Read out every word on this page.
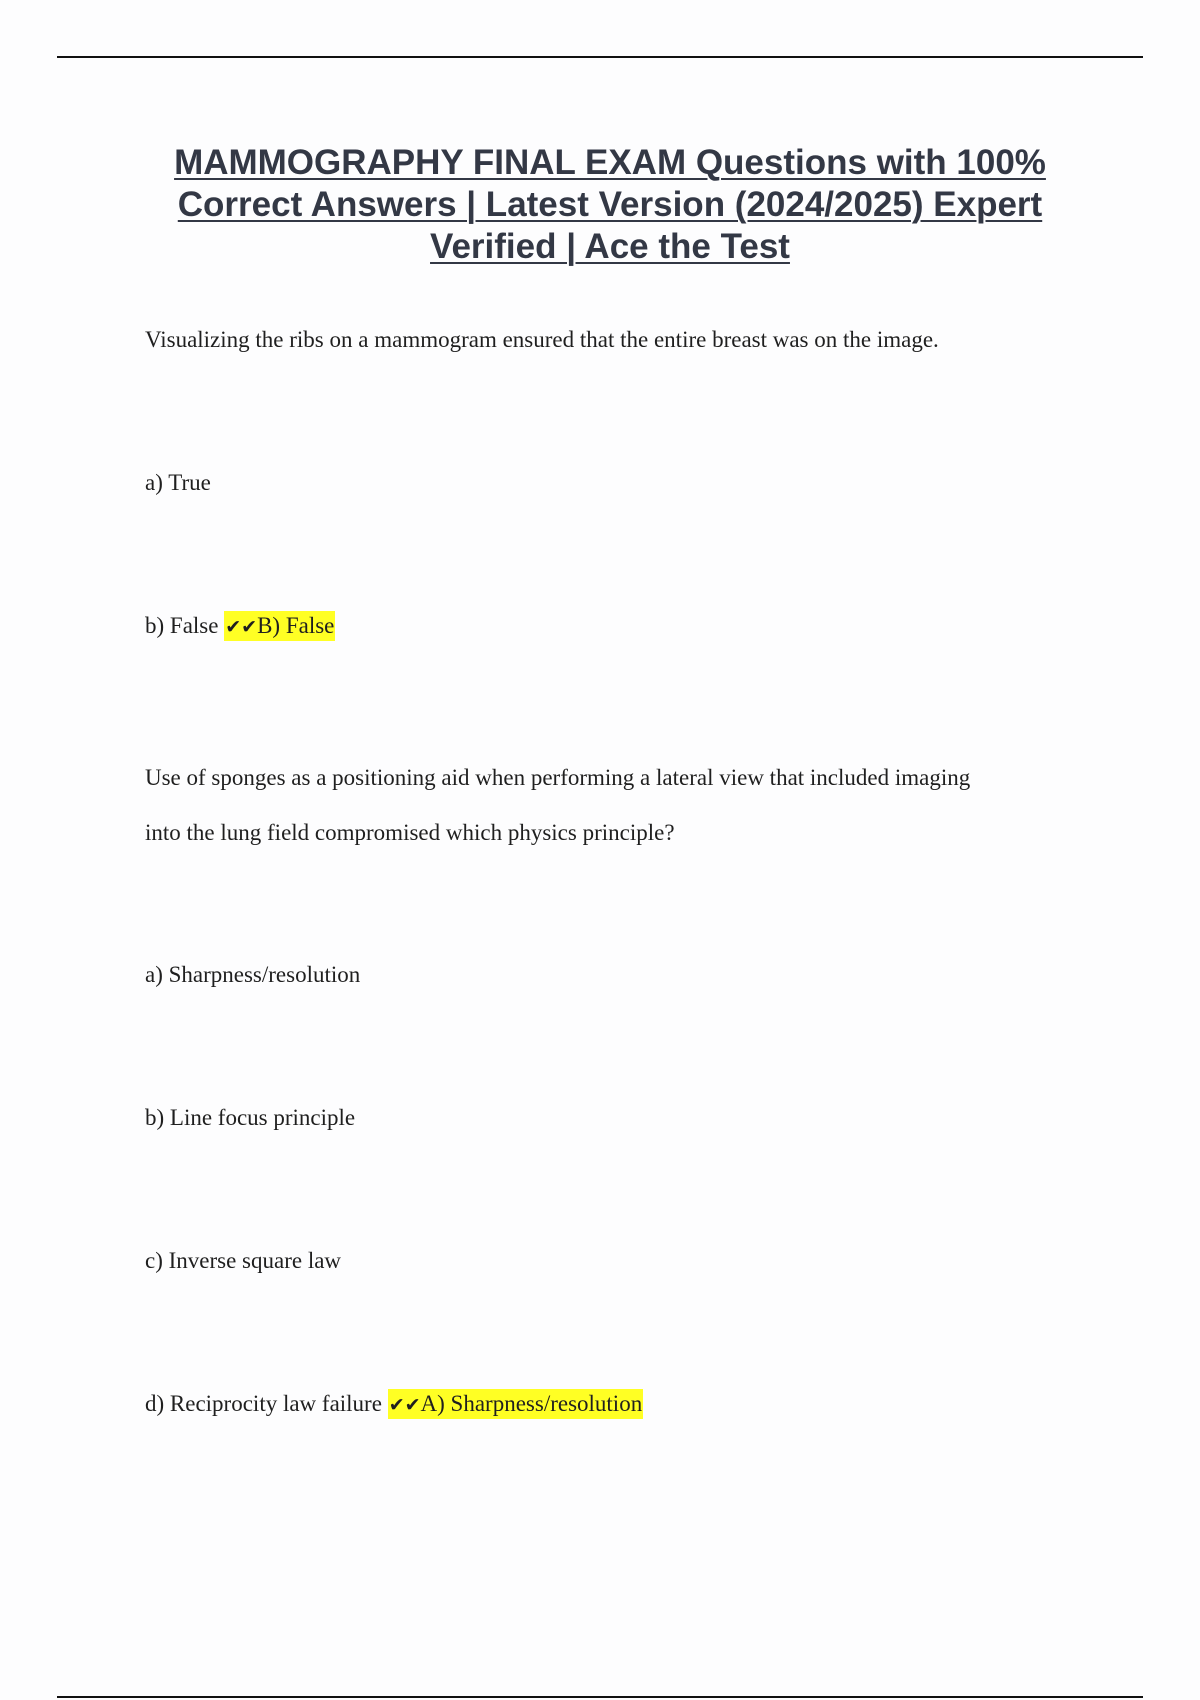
MAMMOGRAPHY FINAL EXAM Questions with 100% Correct Answers | Latest Version (2024/2025) Expert Verified | Ace the Test
Visualizing the ribs on a mammogram ensured that the entire breast was on the image.
a) True
b) False ✔✔B) False
Use of sponges as a positioning aid when performing a lateral view that included imaging
into the lung field compromised which physics principle?
a) Sharpness/resolution
b) Line focus principle
c) Inverse square law
d) Reciprocity law failure ✔✔A) Sharpness/resolution
